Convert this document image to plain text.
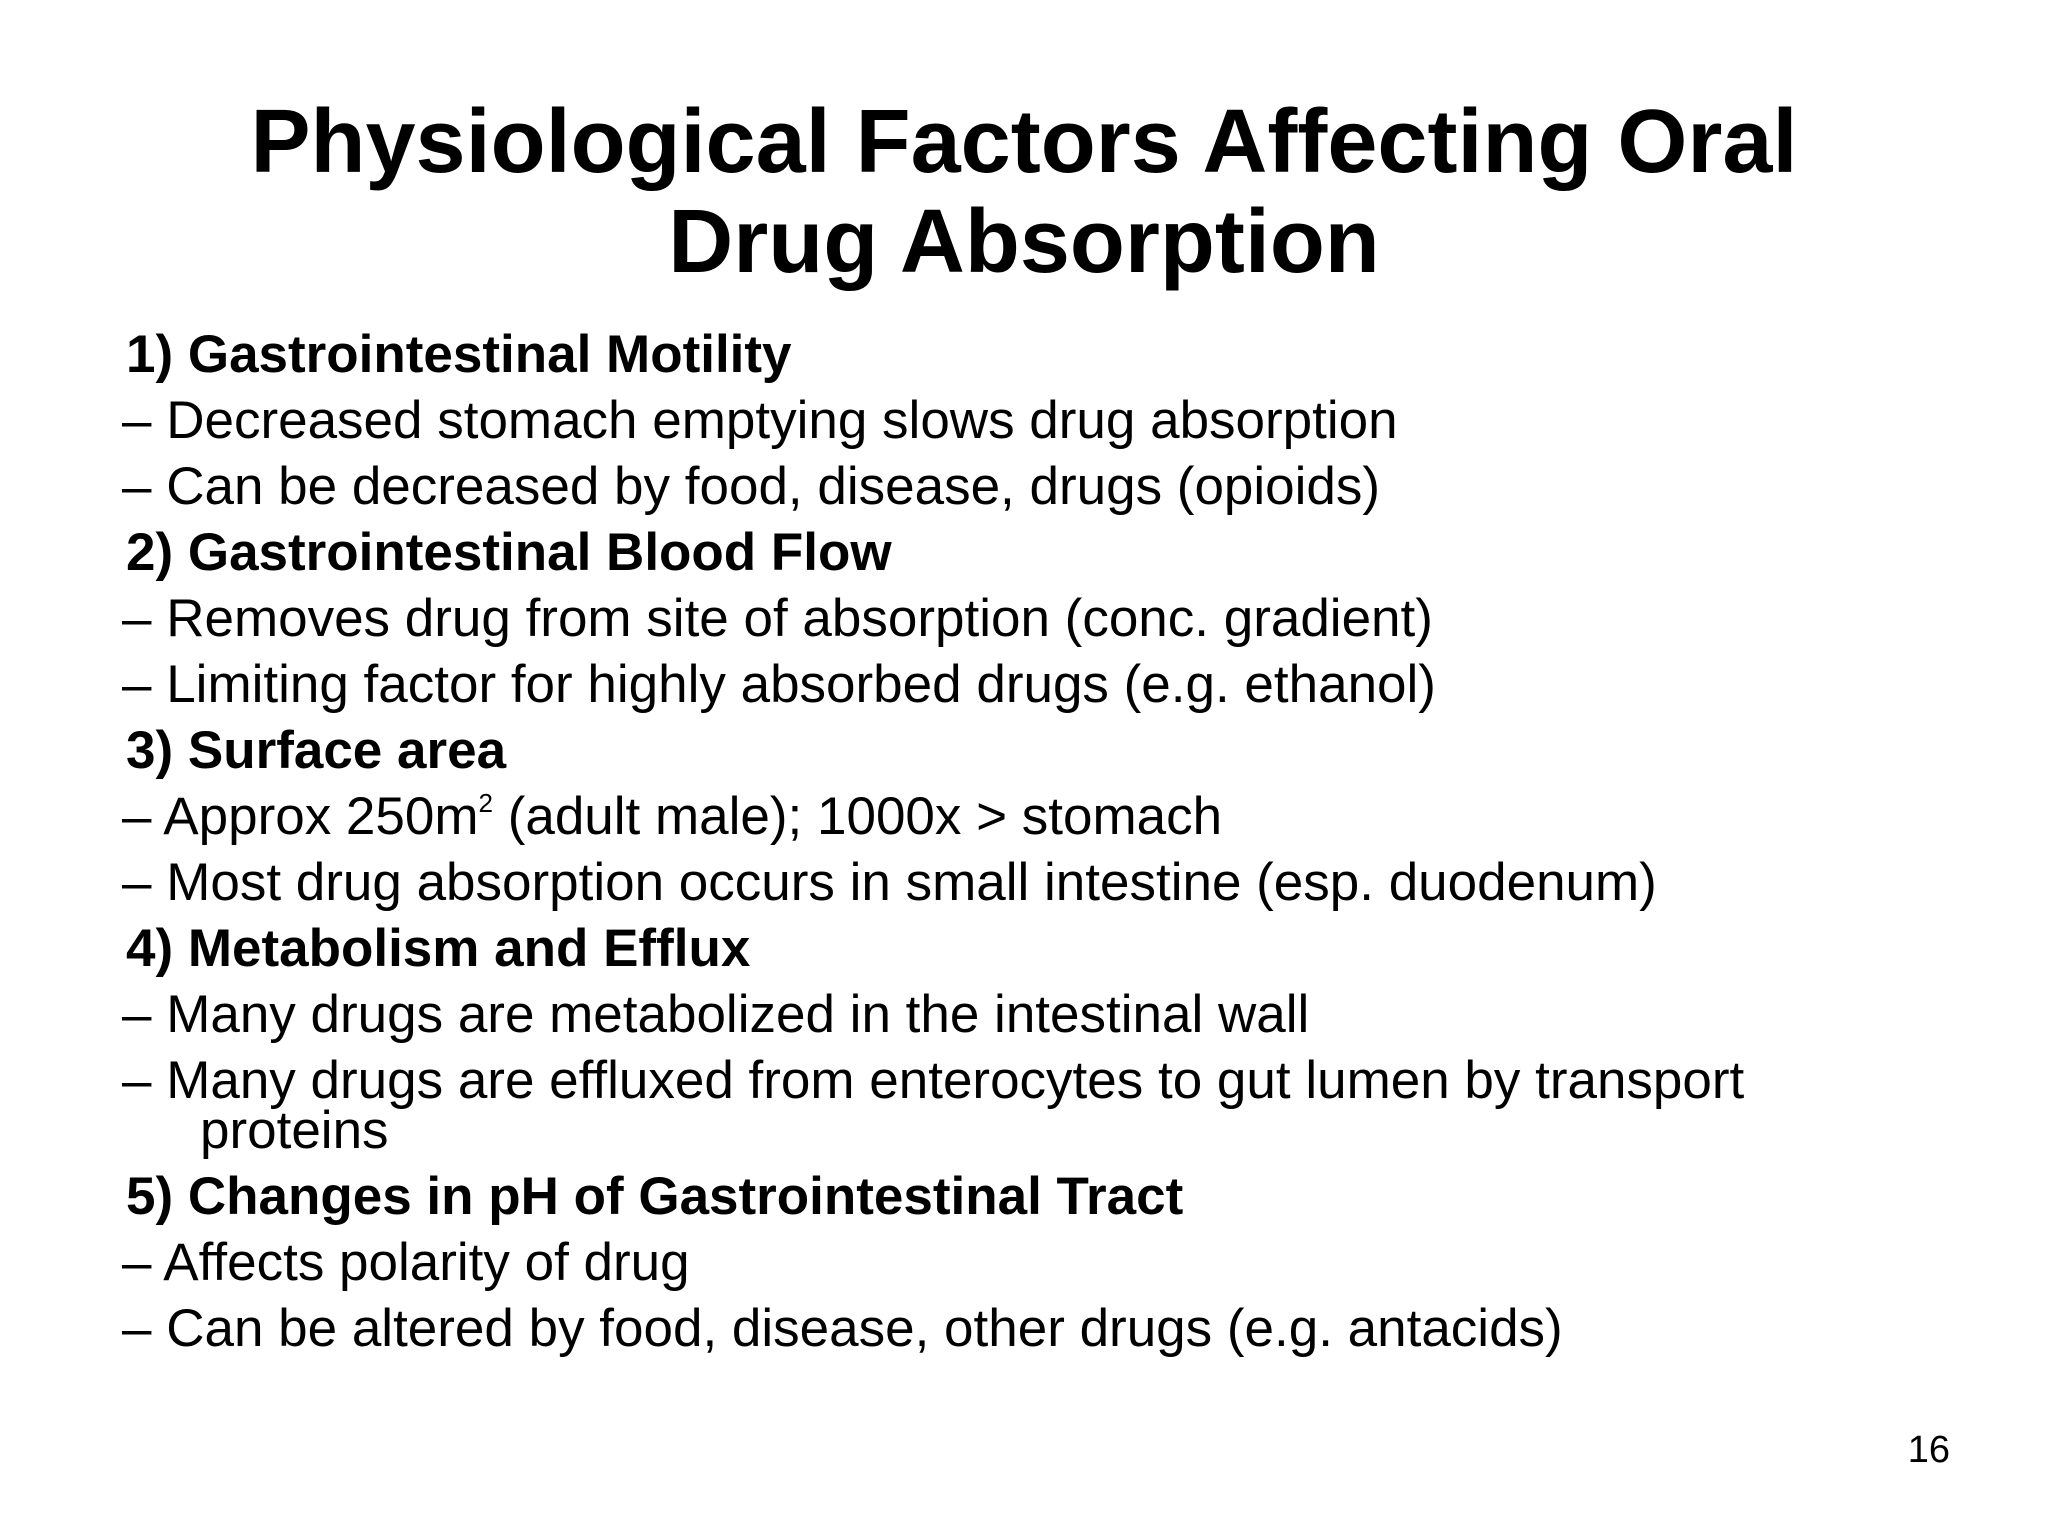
Physiological Factors Affecting Oral
Drug Absorption
1) Gastrointestinal Motility
– Decreased stomach emptying slows drug absorption
– Can be decreased by food, disease, drugs (opioids)
2) Gastrointestinal Blood Flow
– Removes drug from site of absorption (conc. gradient)
– Limiting factor for highly absorbed drugs (e.g. ethanol)
3) Surface area
– Approx $250m^2$ (adult male); 1000x > stomach
– Most drug absorption occurs in small intestine (esp. duodenum)
4) Metabolism and Efflux
– Many drugs are metabolized in the intestinal wall
– Many drugs are effluxed from enterocytes to gut lumen by transport
proteins
5) Changes in pH of Gastrointestinal Tract
– Affects polarity of drug
– Can be altered by food, disease, other drugs (e.g. antacids)
16
